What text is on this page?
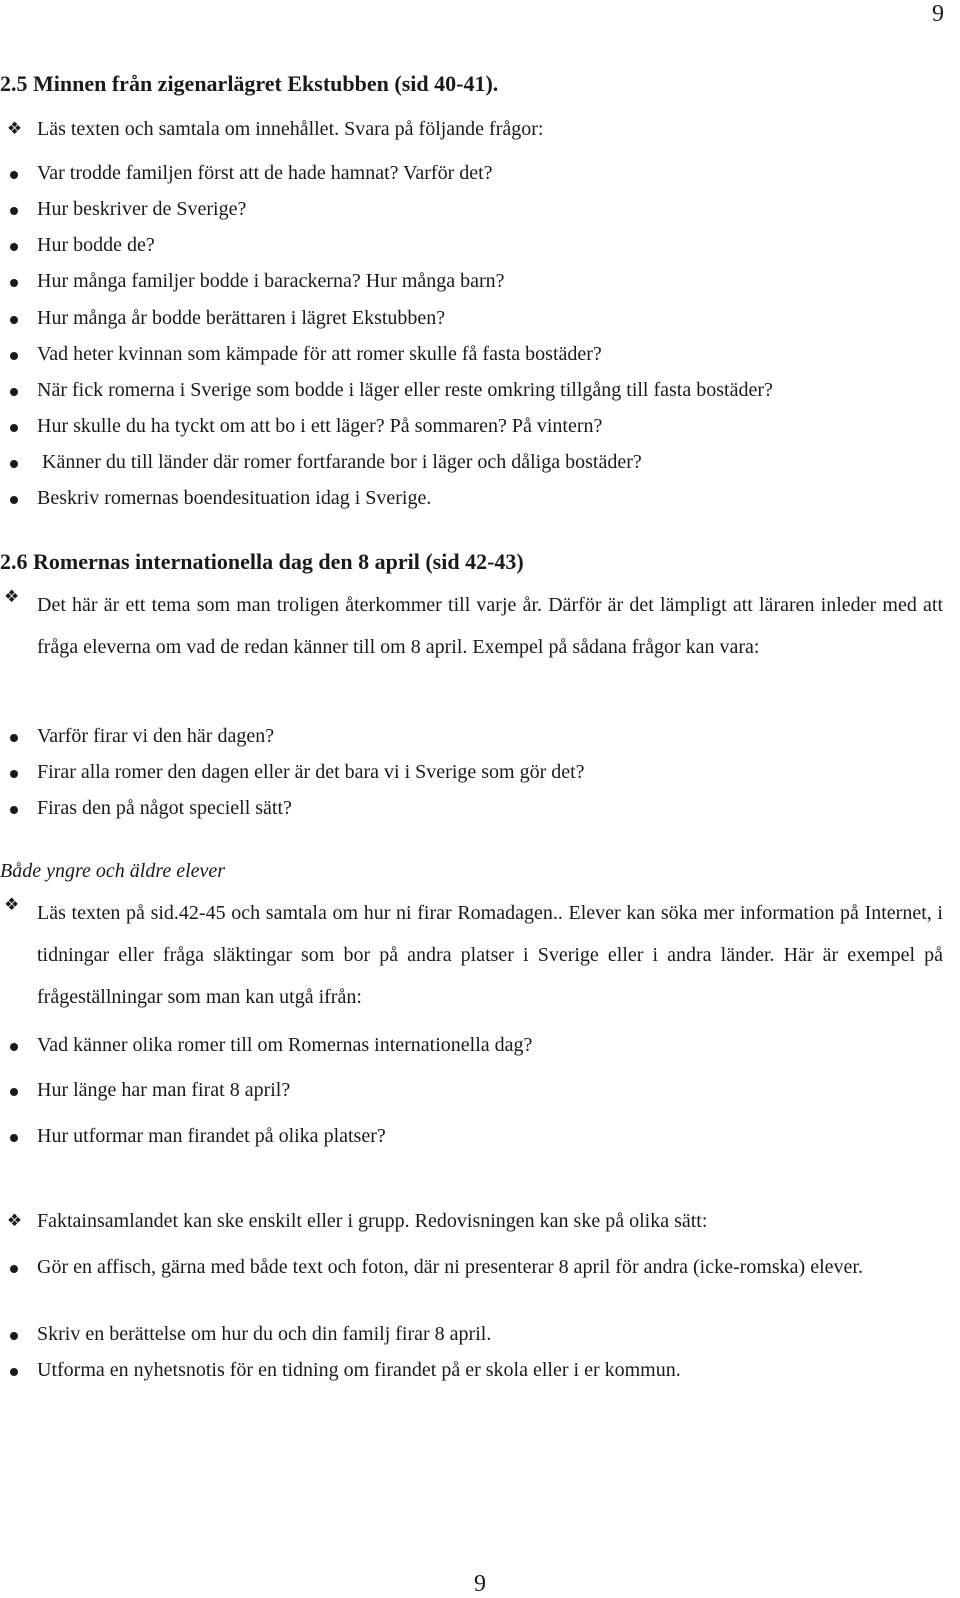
9
2.5 Minnen från zigenarlägret Ekstubben (sid 40-41).
❖ Läs texten och samtala om innehållet. Svara på följande frågor:
Var trodde familjen först att de hade hamnat? Varför det?
Hur beskriver de Sverige?
Hur bodde de?
Hur många familjer bodde i barackerna? Hur många barn?
Hur många år bodde berättaren i lägret Ekstubben?
Vad heter kvinnan som kämpade för att romer skulle få fasta bostäder?
När fick romerna i Sverige som bodde i läger eller reste omkring tillgång till fasta bostäder?
Hur skulle du ha tyckt om att bo i ett läger? På sommaren? På vintern?
Känner du till länder där romer fortfarande bor i läger och dåliga bostäder?
Beskriv romernas boendesituation idag i Sverige.
2.6 Romernas internationella dag den 8 april (sid 42-43)
❖ Det här är ett tema som man troligen återkommer till varje år. Därför är det lämpligt att läraren inleder med att fråga eleverna om vad de redan känner till om 8 april. Exempel på sådana frågor kan vara:
Varför firar vi den här dagen?
Firar alla romer den dagen eller är det bara vi i Sverige som gör det?
Firas den på något speciell sätt?
Både yngre och äldre elever
❖ Läs texten på sid.42-45 och samtala om hur ni firar Romadagen.. Elever kan söka mer information på Internet, i tidningar eller fråga släktingar som bor på andra platser i Sverige eller i andra länder. Här är exempel på frågeställningar som man kan utgå ifrån:
Vad känner olika romer till om Romernas internationella dag?
Hur länge har man firat 8 april?
Hur utformar man firandet på olika platser?
❖ Faktainsamlandet kan ske enskilt eller i grupp. Redovisningen kan ske på olika sätt:
Gör en affisch, gärna med både text och foton, där ni presenterar 8 april för andra (icke-romska) elever.
Skriv en berättelse om hur du och din familj firar 8 april.
Utforma en nyhetsnotis för en tidning om firandet på er skola eller i er kommun.
9
